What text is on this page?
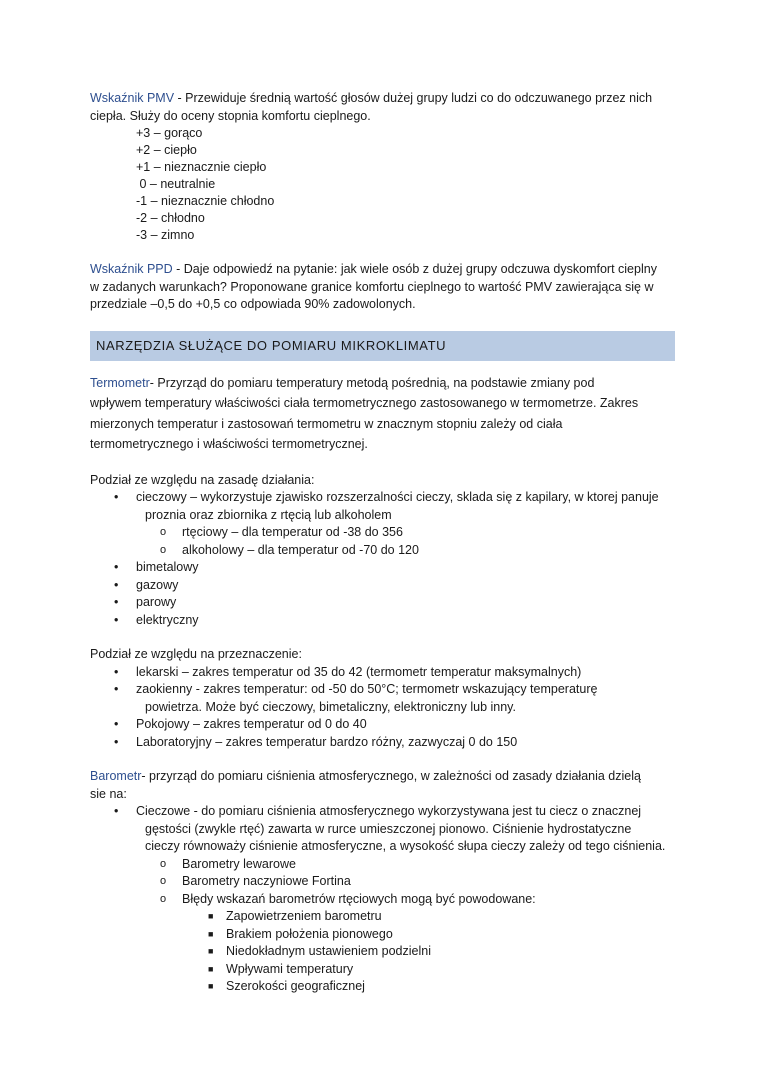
Wskaźnik PMV - Przewiduje średnią wartość głosów dużej grupy ludzi co do odczuwanego przez nich

ciepła. Służy do oceny stopnia komfortu cieplnego.

+3 – gorąco
+2 – ciepło
+1 – nieznacznie ciepło
0 – neutralnie
-1 – nieznacznie chłodno
-2 – chłodno
-3 – zimno

Wskaźnik PPD - Daje odpowiedź na pytanie: jak wiele osób z dużej grupy odczuwa dyskomfort cieplny

w zadanych warunkach? Proponowane granice komfortu cieplnego to wartość PMV zawierająca się w

przedziale –0,5 do +0,5 co odpowiada 90% zadowolonych.

NARZĘDZIA SŁUŻĄCE DO POMIARU MIKROKLIMATU

Termometr- Przyrząd do pomiaru temperatury metodą pośrednią, na podstawie zmiany pod

wpływem temperatury właściwości ciała termometrycznego zastosowanego w termometrze. Zakres

mierzonych temperatur i zastosowań termometru w znacznym stopniu zależy od ciała

termometrycznego i właściwości termometrycznej.

Podział ze względu na zasadę działania:

• cieczowy – wykorzystuje zjawisko rozszerzalności cieczy, sklada się z kapilary, w ktorej panuje
proznia oraz zbiornika z rtęcią lub alkoholem
o rtęciowy – dla temperatur od -38 do 356
o alkoholowy – dla temperatur od -70 do 120
• bimetalowy
• gazowy
• parowy
• elektryczny

Podział ze względu na przeznaczenie:

• lekarski – zakres temperatur od 35 do 42 (termometr temperatur maksymalnych)
• zaokienny - zakres temperatur: od -50 do 50°C; termometr wskazujący temperaturę
powietrza. Może być cieczowy, bimetaliczny, elektroniczny lub inny.
• Pokojowy – zakres temperatur od 0 do 40
• Laboratoryjny – zakres temperatur bardzo różny, zazwyczaj 0 do 150

Barometr- przyrząd do pomiaru ciśnienia atmosferycznego, w zależności od zasady działania dzielą

sie na:

• Cieczowe - do pomiaru ciśnienia atmosferycznego wykorzystywana jest tu ciecz o znacznej
gęstości (zwykle rtęć) zawarta w rurce umieszczonej pionowo. Ciśnienie hydrostatyczne
cieczy równoważy ciśnienie atmosferyczne, a wysokość słupa cieczy zależy od tego ciśnienia.
o Barometry lewarowe
o Barometry naczyniowe Fortina
o Błędy wskazań barometrów rtęciowych mogą być powodowane:
■ Zapowietrzeniem barometru
■ Brakiem położenia pionowego
■ Niedokładnym ustawieniem podzielni
■ Wpływami temperatury
■ Szerokości geograficznej
